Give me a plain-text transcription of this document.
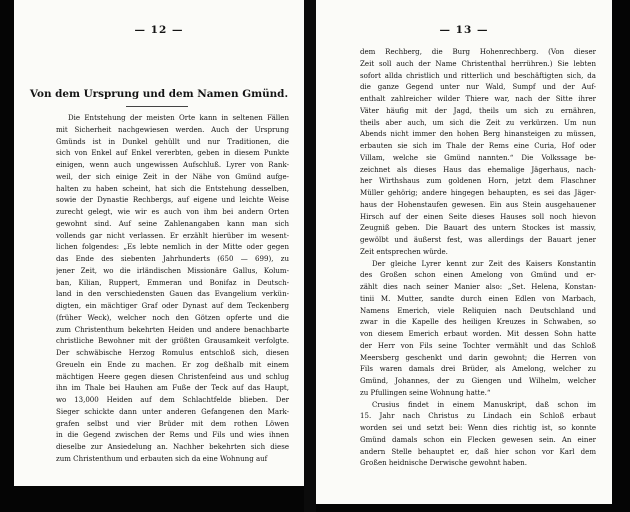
— 12 —
Von dem Ursprung und dem Namen Gmünd.
Die Entstehung der meisten Orte kann in seltenen Fällen
mit Sicherheit nachgewiesen werden. Auch der Ursprung
Gmünds ist in Dunkel gehüllt und nur Traditionen, die
sich von Enkel auf Enkel vererbten, geben in diesem Punkte
einigen, wenn auch ungewissen Aufschluß. Lyrer von Rank-
weil, der sich einige Zeit in der Nähe von Gmünd aufge-
halten zu haben scheint, hat sich die Entstehung desselben,
sowie der Dynastie Rechbergs, auf eigene und leichte Weise
zurecht gelegt, wie wir es auch von ihm bei andern Orten
gewohnt sind. Auf seine Zahlenangaben kann man sich
vollends gar nicht verlassen. Er erzählt hierüber im wesent-
lichen folgendes: „Es lebte nemlich in der Mitte oder gegen
das Ende des siebenten Jahrhunderts (650 — 699), zu
jener Zeit, wo die irländischen Missionäre Gallus, Kolum-
ban, Kilian, Ruppert, Emmeran und Bonifaz in Deutsch-
land in den verschiedensten Gauen das Evangelium verkün-
digten, ein mächtiger Graf oder Dynast auf dem Teckenberg
(früher Weck), welcher noch den Götzen opferte und die
zum Christenthum bekehrten Heiden und andere benachbarte
christliche Bewohner mit der größten Grausamkeit verfolgte.
Der schwäbische Herzog Romulus entschloß sich, diesen
Greueln ein Ende zu machen. Er zog deßhalb mit einem
mächtigen Heere gegen diesen Christenfeind aus und schlug
ihn im Thale bei Hauhen am Fuße der Teck auf das Haupt,
wo 13,000 Heiden auf dem Schlachtfelde blieben. Der
Sieger schickte dann unter anderen Gefangenen den Mark-
grafen selbst und vier Brüder mit dem rothen Löwen
in die Gegend zwischen der Rems und Fils und wies ihnen
dieselbe zur Ansiedelung an. Nachher bekehrten sich diese
zum Christenthum und erbauten sich da eine Wohnung auf
— 13 —
dem Rechberg, die Burg Hohenrechberg. (Von dieser
Zeit soll auch der Name Christenthal herrühren.) Sie lebten
sofort allda christlich und ritterlich und beschäftigten sich, da
die ganze Gegend unter nur Wald, Sumpf und der Auf-
enthalt zahlreicher wilder Thiere war, nach der Sitte ihrer
Väter häufig mit der Jagd, theils um sich zu ernähren,
theils aber auch, um sich die Zeit zu verkürzen. Um nun
Abends nicht immer den hohen Berg hinansteigen zu müssen,
erbauten sie sich im Thale der Rems eine Curia, Hof oder
Villam, welche sie Gmünd nannten.“ Die Volkssage be-
zeichnet als dieses Haus das ehemalige Jägerhaus, nach-
her Wirthshaus zum goldenen Horn, jetzt dem Flaschner
Müller gehörig; andere hingegen behaupten, es sei das Jäger-
haus der Hohenstaufen gewesen. Ein aus Stein ausgehauener
Hirsch auf der einen Seite dieses Hauses soll noch hievon
Zeugniß geben. Die Bauart des untern Stockes ist massiv,
gewölbt und äußerst fest, was allerdings der Bauart jener
Zeit entsprechen würde.
Der gleiche Lyrer kennt zur Zeit des Kaisers Konstantin
des Großen schon einen Amelong von Gmünd und er-
zählt dies nach seiner Manier also: „Set. Helena, Konstan-
tinii M. Mutter, sandte durch einen Edlen von Marbach,
Namens Emerich, viele Reliquien nach Deutschland und
zwar in die Kapelle des heiligen Kreuzes in Schwaben, so
von diesem Emerich erbaut worden. Mit dessen Sohn hatte
der Herr von Fils seine Tochter vermählt und das Schloß
Meersberg geschenkt und darin gewohnt; die Herren von
Fils waren damals drei Brüder, als Amelong, welcher zu
Gmünd, Johannes, der zu Giengen und Wilhelm, welcher
zu Pfullingen seine Wohnung hatte.“
Crusius findet in einem Manuskript, daß schon im
15. Jahr nach Christus zu Lindach ein Schloß erbaut
worden sei und setzt bei: Wenn dies richtig ist, so konnte
Gmünd damals schon ein Flecken gewesen sein. An einer
andern Stelle behauptet er, daß hier schon vor Karl dem
Großen heidnische Derwische gewohnt haben.
